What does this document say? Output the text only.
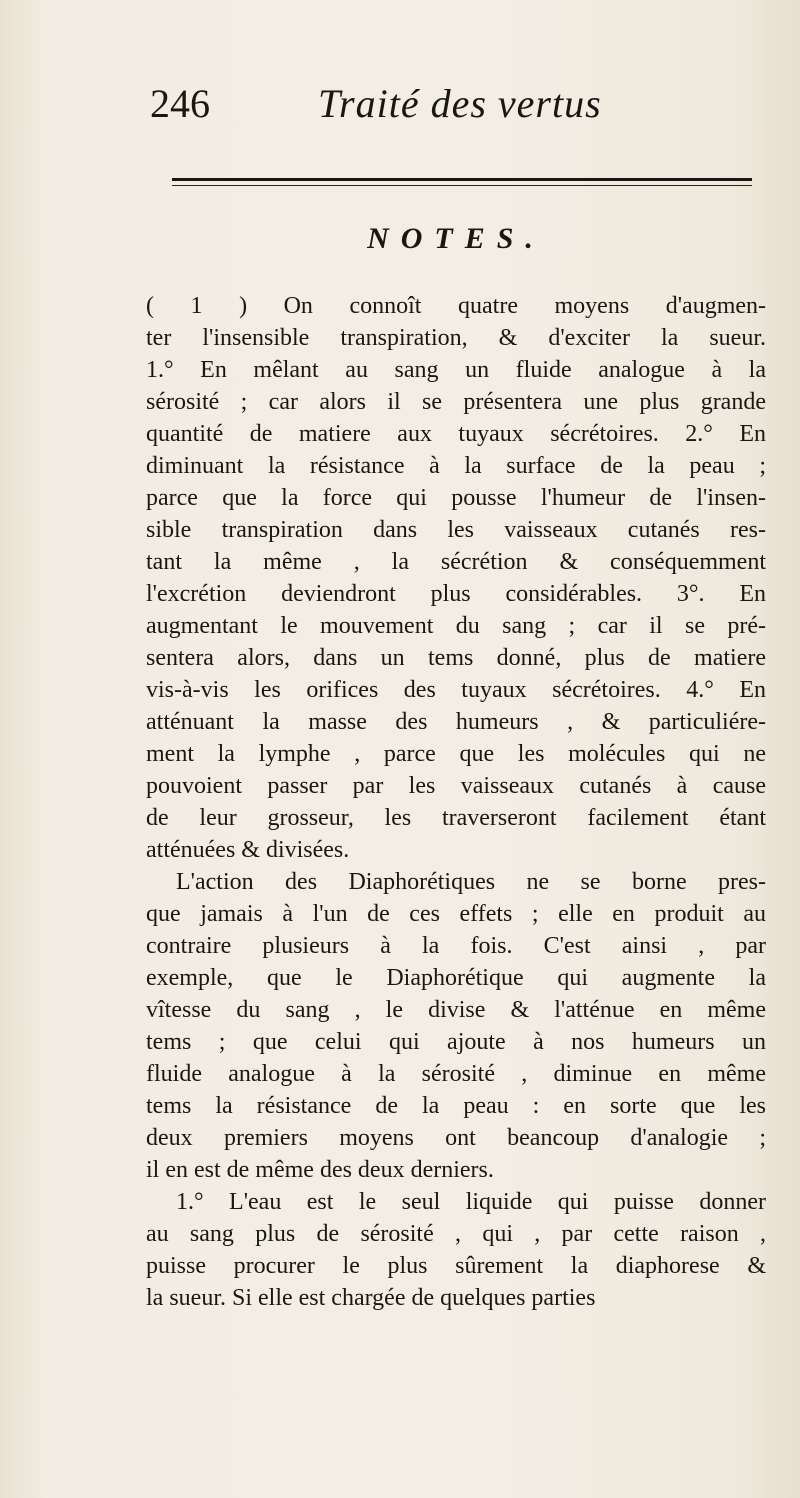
246	Traité des vertus
NOTES.
( 1 ) On connoît quatre moyens d'augmen-
ter l'insensible transpiration, & d'exciter la sueur.
1.° En mêlant au sang un fluide analogue à la
sérosité ; car alors il se présentera une plus grande
quantité de matiere aux tuyaux sécrétoires. 2.° En
diminuant la résistance à la surface de la peau ;
parce que la force qui pousse l'humeur de l'insen-
sible transpiration dans les vaisseaux cutanés res-
tant la même , la sécrétion & conséquemment
l'excrétion deviendront plus considérables. 3°. En
augmentant le mouvement du sang ; car il se pré-
sentera alors, dans un tems donné, plus de matiere
vis-à-vis les orifices des tuyaux sécrétoires. 4.° En
atténuant la masse des humeurs , & particuliére-
ment la lymphe , parce que les molécules qui ne
pouvoient passer par les vaisseaux cutanés à cause
de leur grosseur, les traverseront facilement étant
atténuées & divisées.
L'action des Diaphorétiques ne se borne pres-
que jamais à l'un de ces effets ; elle en produit au
contraire plusieurs à la fois. C'est ainsi , par
exemple, que le Diaphorétique qui augmente la
vîtesse du sang , le divise & l'atténue en même
tems ; que celui qui ajoute à nos humeurs un
fluide analogue à la sérosité , diminue en même
tems la résistance de la peau : en sorte que les
deux premiers moyens ont beancoup d'analogie ;
il en est de même des deux derniers.
1.° L'eau est le seul liquide qui puisse donner
au sang plus de sérosité , qui , par cette raison ,
puisse procurer le plus sûrement la diaphorese &
la sueur. Si elle est chargée de quelques parties
